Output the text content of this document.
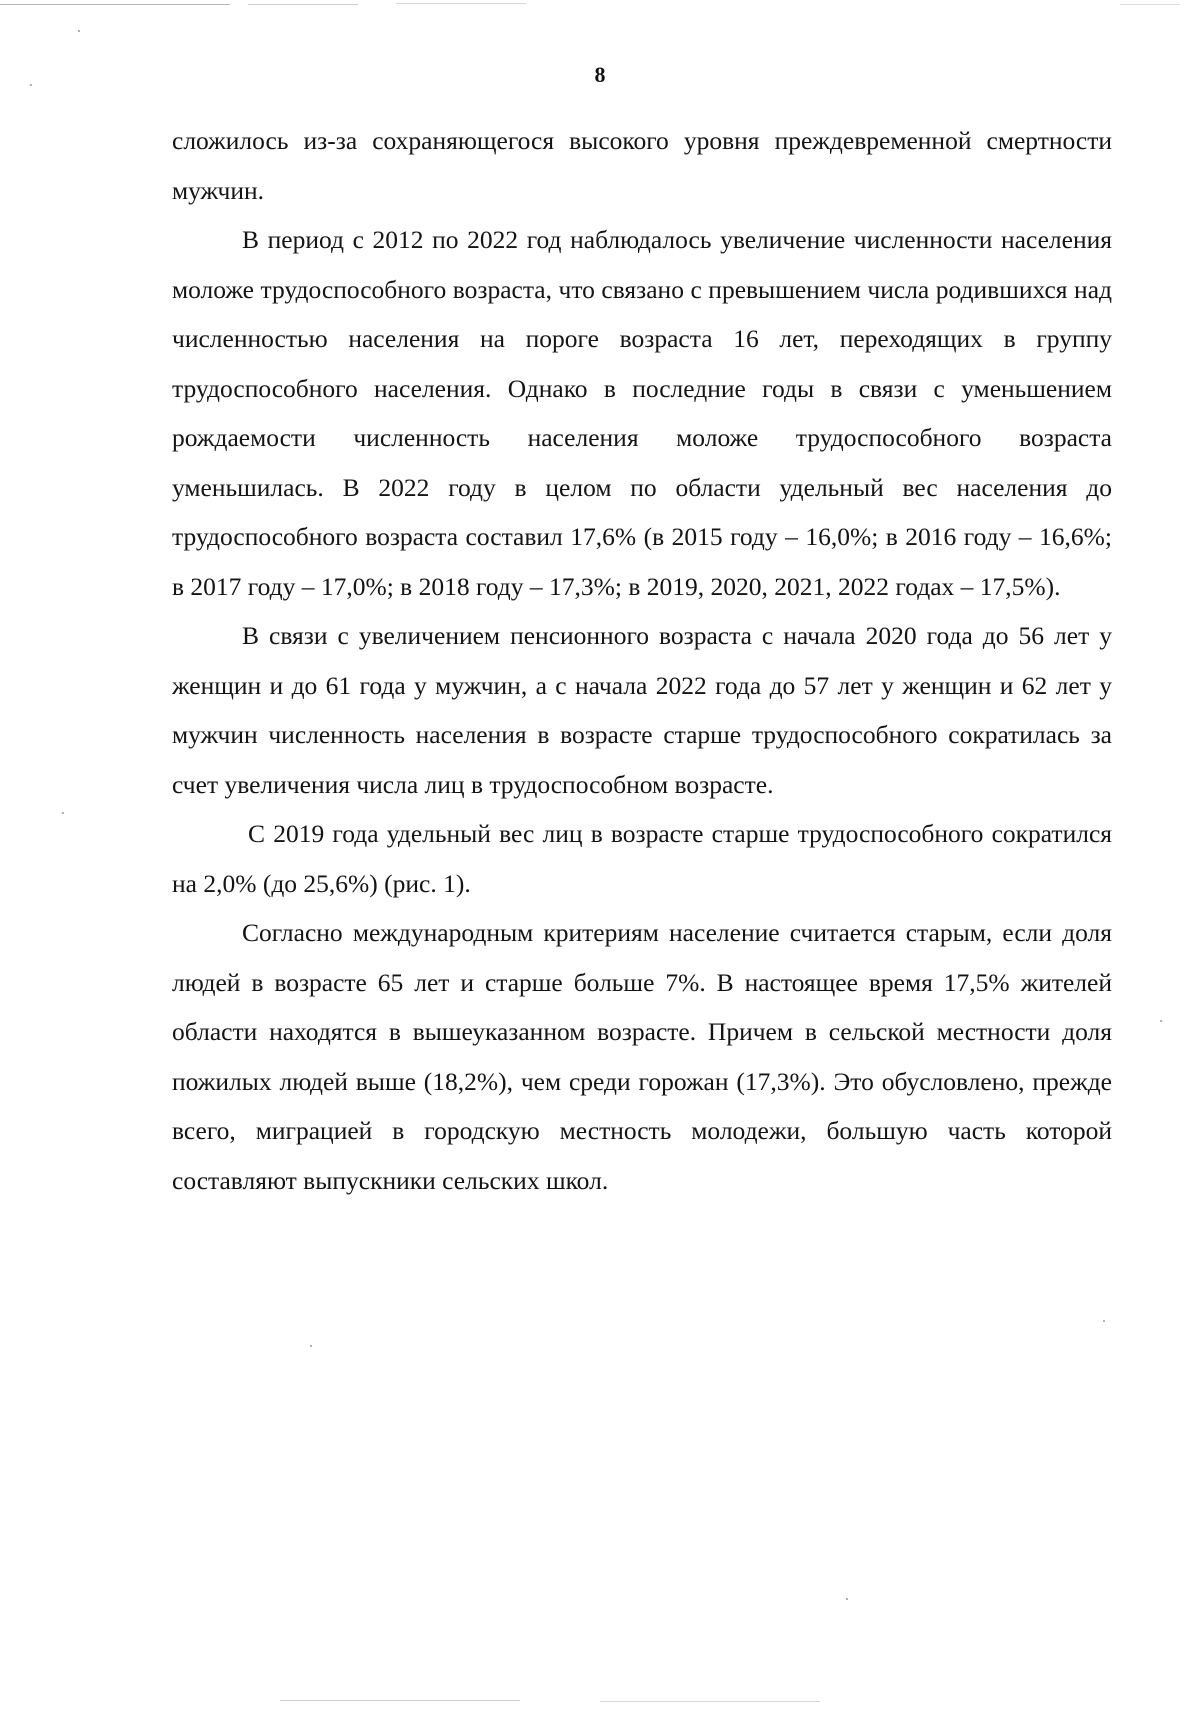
8

сложилось из-за сохраняющегося высокого уровня преждевременной смертности мужчин.

В период с 2012 по 2022 год наблюдалось увеличение численности населения моложе трудоспособного возраста, что связано с превышением числа родившихся над численностью населения на пороге возраста 16 лет, переходящих в группу трудоспособного населения. Однако в последние годы в связи с уменьшением рождаемости численность населения моложе трудоспособного возраста уменьшилась. В 2022 году в целом по области удельный вес населения до трудоспособного возраста составил 17,6% (в 2015 году – 16,0%; в 2016 году – 16,6%; в 2017 году – 17,0%; в 2018 году – 17,3%; в 2019, 2020, 2021, 2022 годах – 17,5%).

В связи с увеличением пенсионного возраста с начала 2020 года до 56 лет у женщин и до 61 года у мужчин, а с начала 2022 года до 57 лет у женщин и 62 лет у мужчин численность населения в возрасте старше трудоспособного сократилась за счет увеличения числа лиц в трудоспособном возрасте.

С 2019 года удельный вес лиц в возрасте старше трудоспособного сократился на 2,0% (до 25,6%) (рис. 1).

Согласно международным критериям население считается старым, если доля людей в возрасте 65 лет и старше больше 7%. В настоящее время 17,5% жителей области находятся в вышеуказанном возрасте. Причем в сельской местности доля пожилых людей выше (18,2%), чем среди горожан (17,3%). Это обусловлено, прежде всего, миграцией в городскую местность молодежи, большую часть которой составляют выпускники сельских школ.
